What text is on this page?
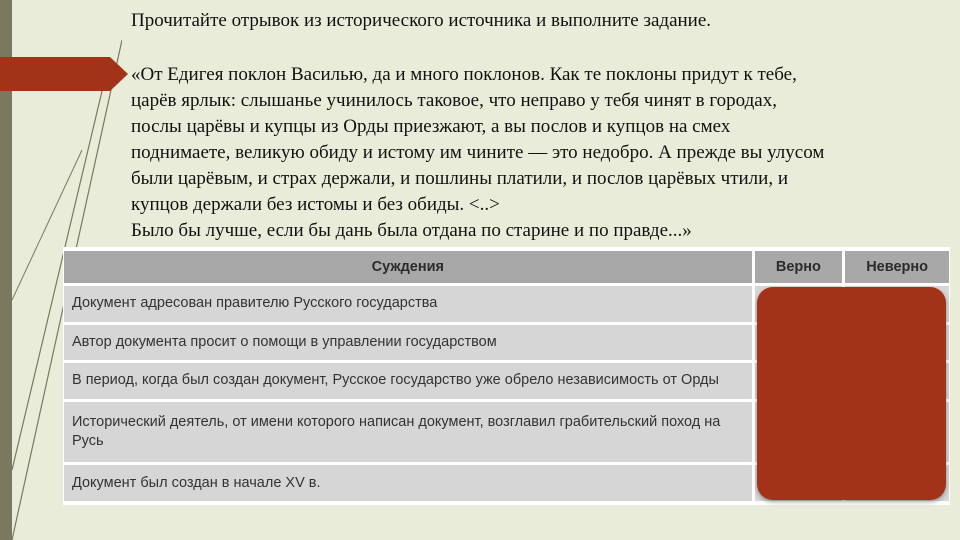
Прочитайте отрывок из исторического источника и выполните задание.

«От Едигея поклон Василью, да и много поклонов. Как те поклоны придут к тебе,

царёв ярлык: слышанье учинилось таковое, что неправо у тебя чинят в городах,

послы царёвы и купцы из Орды приезжают, а вы послов и купцов на смех

поднимаете, великую обиду и истому им чините — это недобро. А прежде вы улусом

были царёвым, и страх держали, и пошлины платили, и послов царёвых чтили, и

купцов держали без истомы и без обиды. <..>

Было бы лучше, если бы дань была отдана по старине и по правде...»

Суждения	Верно	Неверно
Документ адресован правителю Русского государства		
Автор документа просит о помощи в управлении государством		
В период, когда был создан документ, Русское государство уже обрело независимость от Орды		
Исторический деятель, от имени которого написан документ, возглавил грабительский поход на Русь		
Документ был создан в начале XV в.		
